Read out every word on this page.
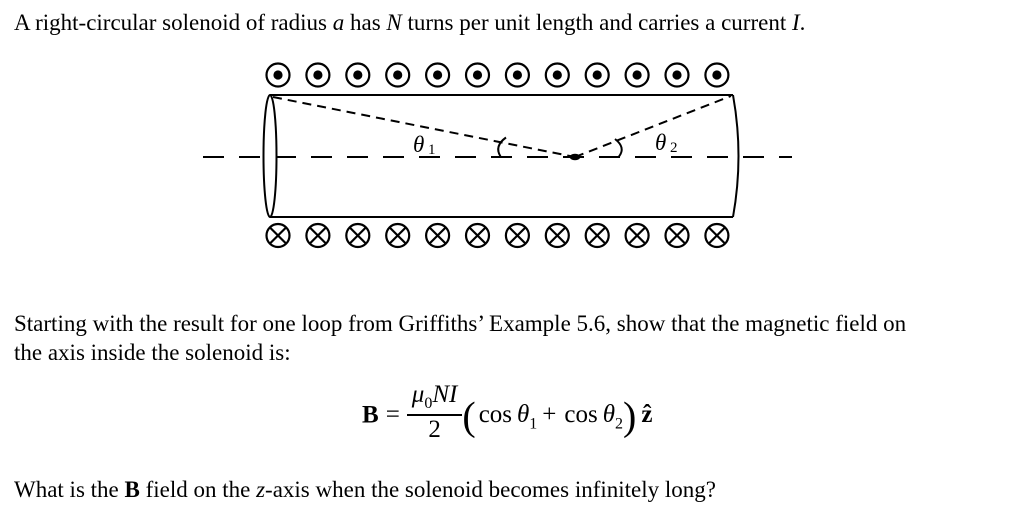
A right-circular solenoid of radius a has N turns per unit length and carries a current I.
θ 1	θ 2
Starting with the result for one loop from Griffiths’ Example 5.6, show that the magnetic field on
the axis inside the solenoid is:
$B = \frac{\mu_0NI}{2}$ ( $\cos \theta_1 + \cos \theta_2$) ẑ
What is the B field on the z-axis when the solenoid becomes infinitely long?
